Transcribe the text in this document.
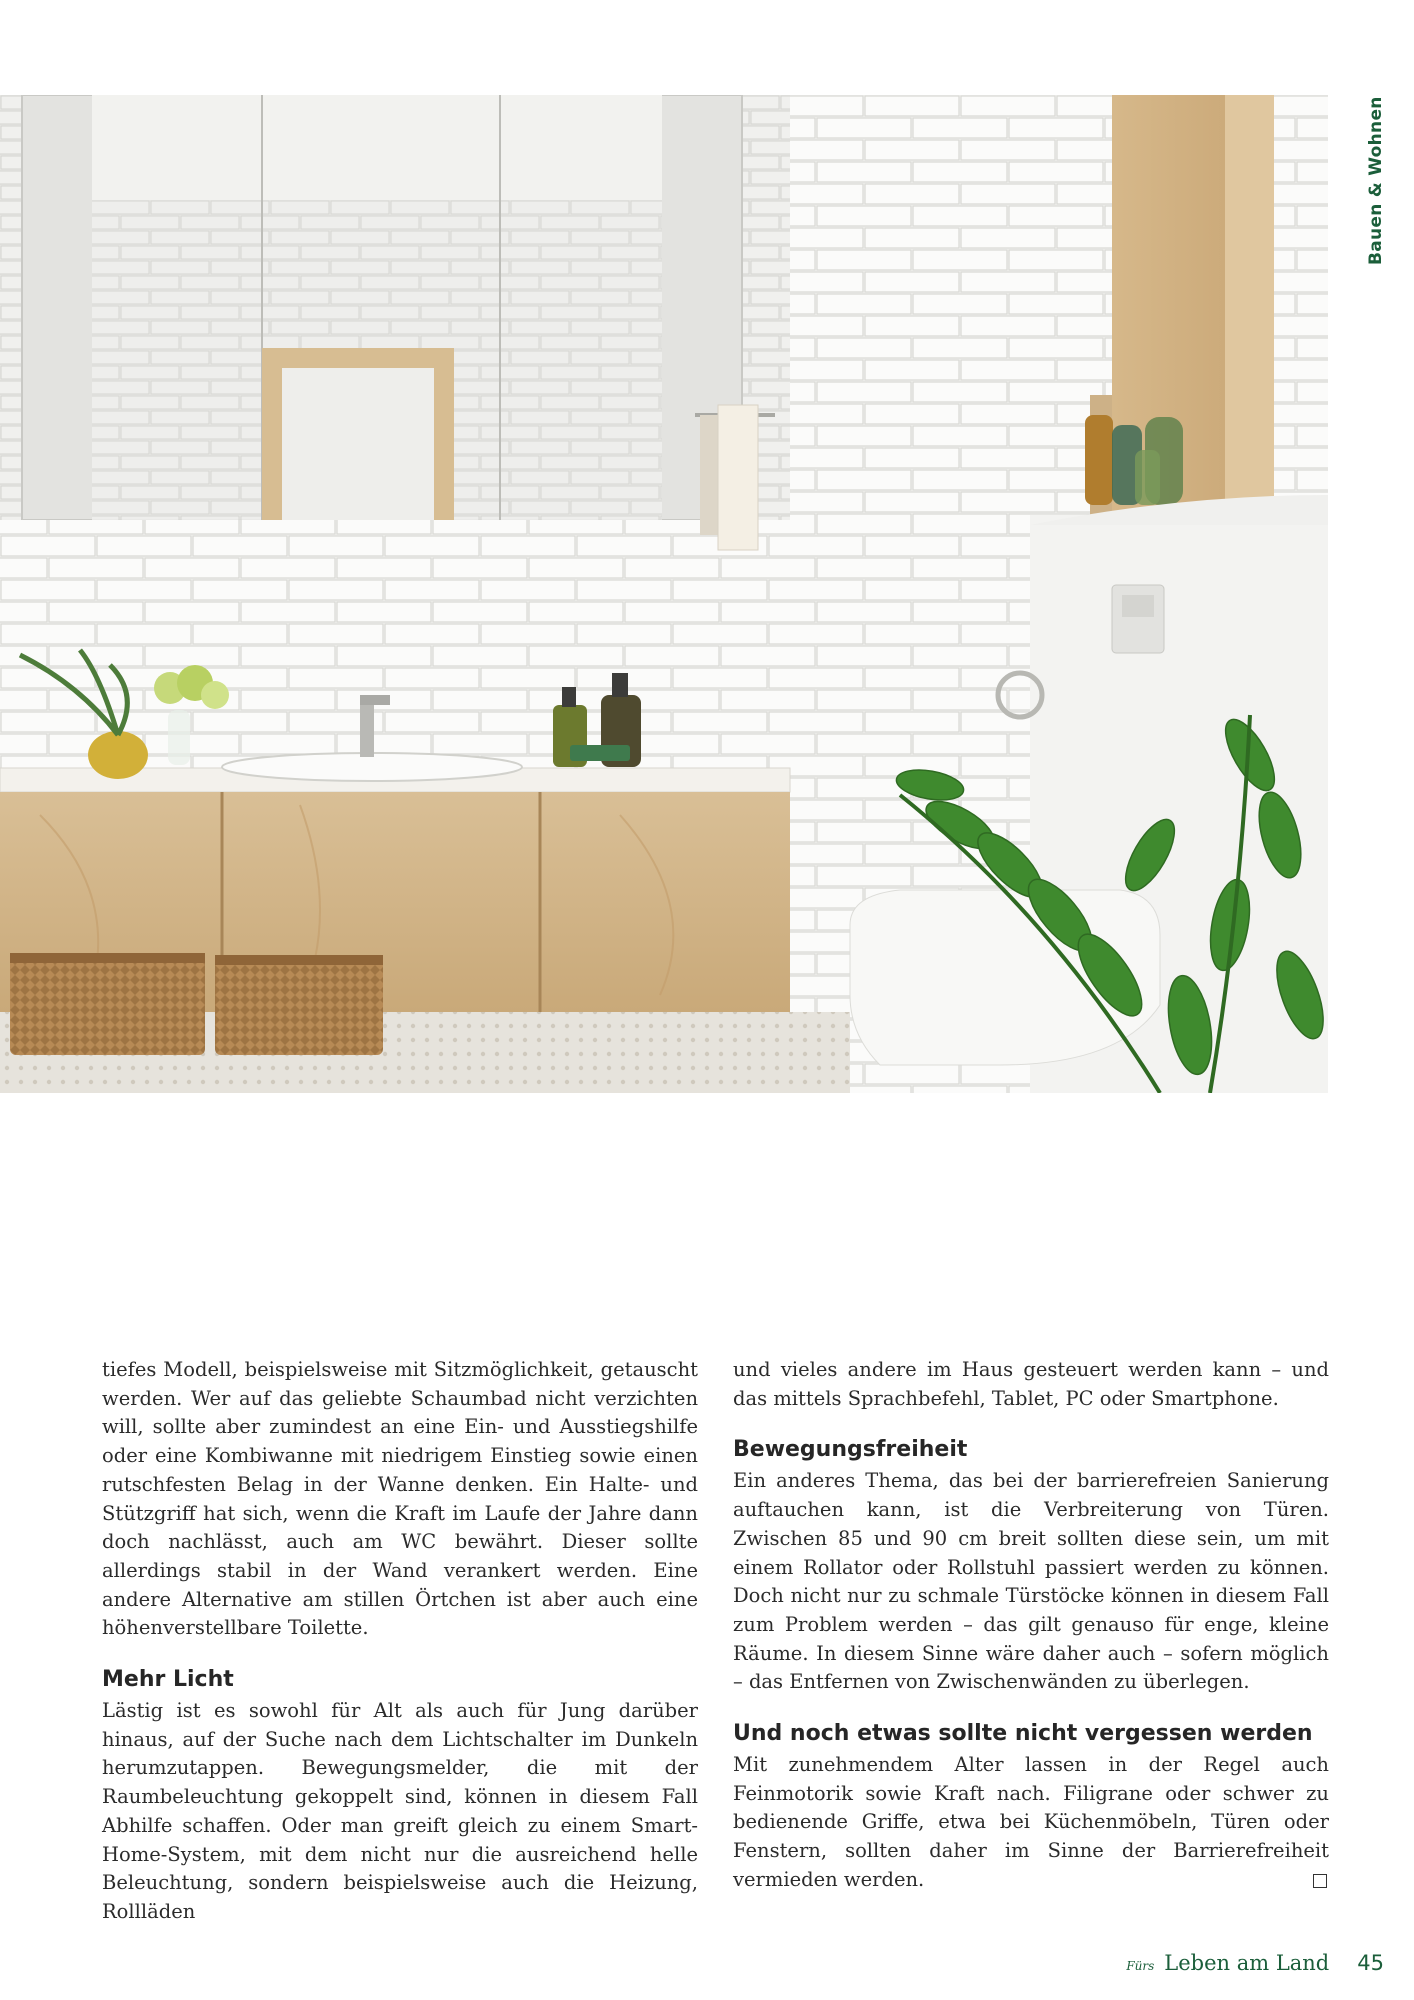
Bauen & Wohnen

tiefes Modell, beispielsweise mit Sitzmöglichkeit, getauscht werden. Wer auf das geliebte Schaumbad nicht verzichten will, sollte aber zumindest an eine Ein- und Ausstiegshilfe oder eine Kombiwanne mit niedrigem Einstieg sowie einen rutschfesten Belag in der Wanne denken. Ein Halte- und Stützgriff hat sich, wenn die Kraft im Laufe der Jahre dann doch nachlässt, auch am WC bewährt. Dieser sollte allerdings stabil in der Wand verankert werden. Eine andere Alternative am stillen Örtchen ist aber auch eine höhenverstellbare Toilette.

Mehr Licht

Lästig ist es sowohl für Alt als auch für Jung darüber hinaus, auf der Suche nach dem Lichtschalter im Dunkeln herumzutappen. Bewegungsmelder, die mit der Raumbeleuchtung gekoppelt sind, können in diesem Fall Abhilfe schaffen. Oder man greift gleich zu einem Smart-Home-System, mit dem nicht nur die ausreichend helle Beleuchtung, sondern beispielsweise auch die Heizung, Rollläden

und vieles andere im Haus gesteuert werden kann – und das mittels Sprachbefehl, Tablet, PC oder Smartphone.

Bewegungsfreiheit

Ein anderes Thema, das bei der barrierefreien Sanierung auftauchen kann, ist die Verbreiterung von Türen. Zwischen 85 und 90 cm breit sollten diese sein, um mit einem Rollator oder Rollstuhl passiert werden zu können. Doch nicht nur zu schmale Türstöcke können in diesem Fall zum Problem werden – das gilt genauso für enge, kleine Räume. In diesem Sinne wäre daher auch – sofern möglich – das Entfernen von Zwischenwänden zu überlegen.

Und noch etwas sollte nicht vergessen werden

Mit zunehmendem Alter lassen in der Regel auch Feinmotorik sowie Kraft nach. Filigrane oder schwer zu bedienende Griffe, etwa bei Küchenmöbeln, Türen oder Fenstern, sollten daher im Sinne der Barrierefreiheit vermieden werden.

Fürs Leben am Land 45
